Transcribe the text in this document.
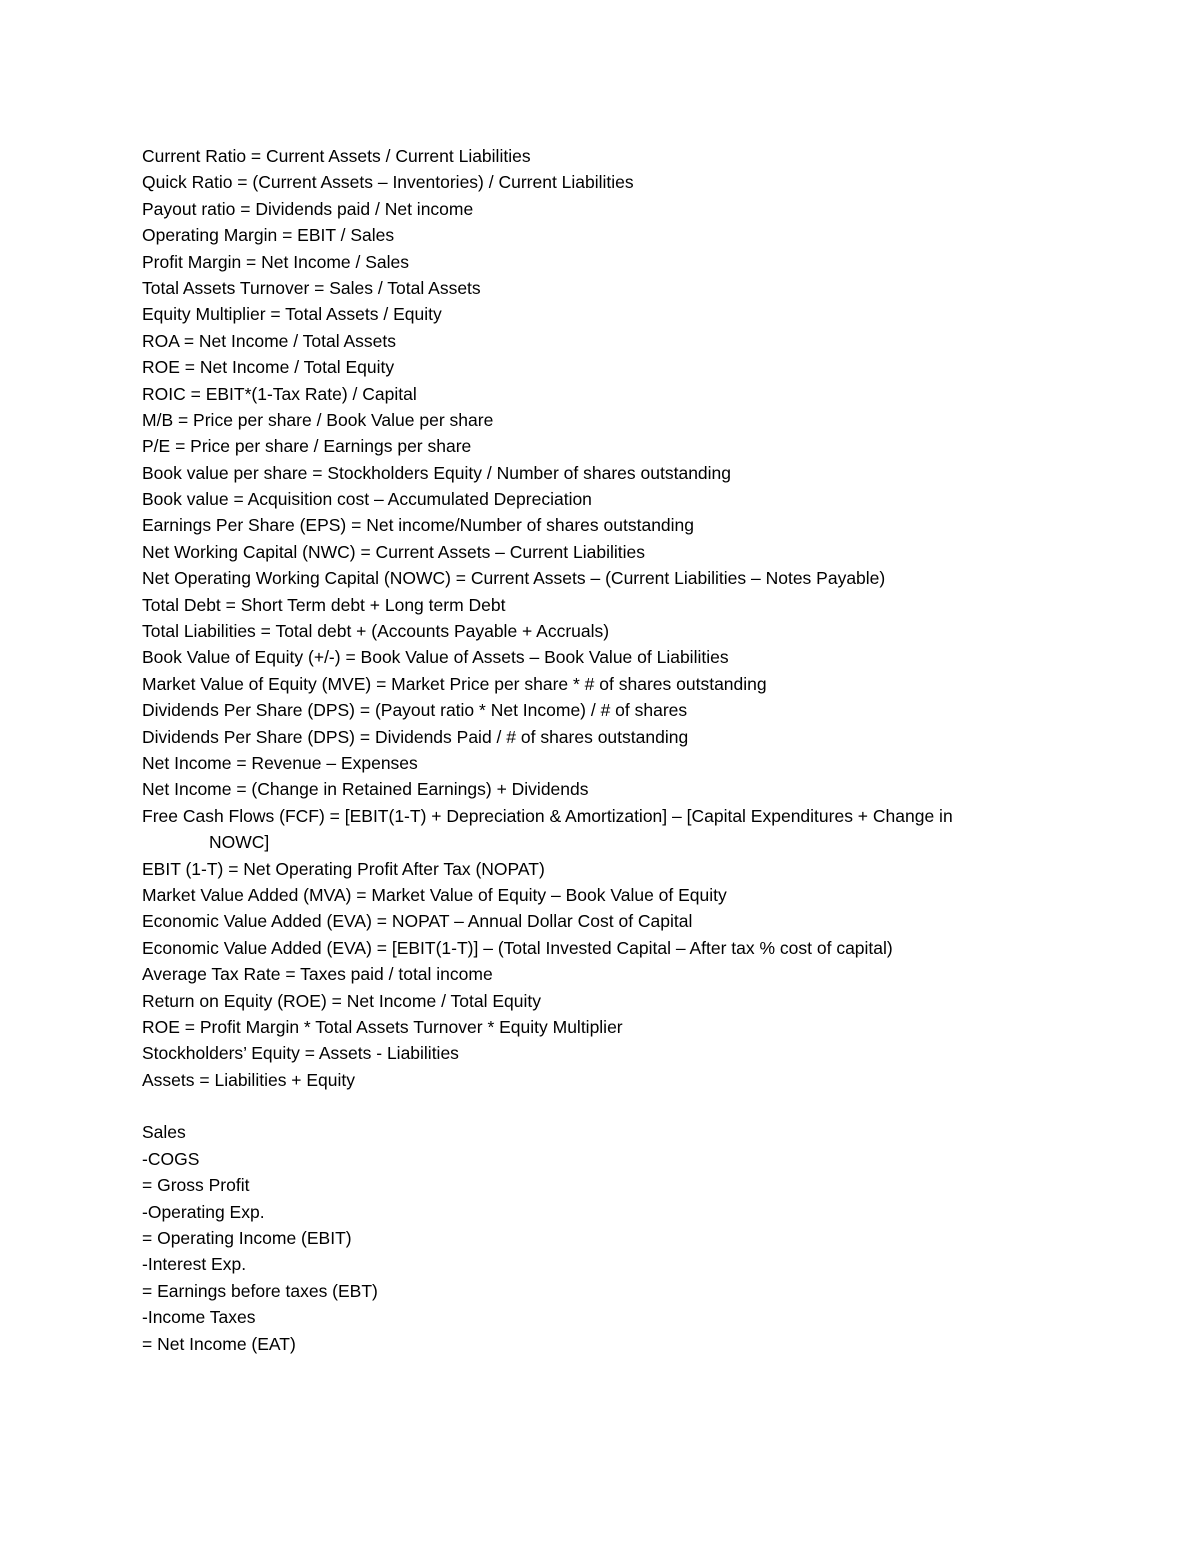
Current Ratio = Current Assets / Current Liabilities
Quick Ratio = (Current Assets – Inventories) / Current Liabilities
Payout ratio = Dividends paid / Net income
Operating Margin = EBIT / Sales
Profit Margin = Net Income / Sales
Total Assets Turnover = Sales / Total Assets
Equity Multiplier = Total Assets / Equity
ROA = Net Income / Total Assets
ROE = Net Income / Total Equity
ROIC = EBIT*(1-Tax Rate) / Capital
M/B = Price per share / Book Value per share
P/E = Price per share / Earnings per share
Book value per share = Stockholders Equity / Number of shares outstanding
Book value = Acquisition cost – Accumulated Depreciation
Earnings Per Share (EPS) = Net income/Number of shares outstanding
Net Working Capital (NWC) = Current Assets – Current Liabilities
Net Operating Working Capital (NOWC) = Current Assets – (Current Liabilities – Notes Payable)
Total Debt = Short Term debt + Long term Debt
Total Liabilities = Total debt + (Accounts Payable + Accruals)
Book Value of Equity (+/-) = Book Value of Assets – Book Value of Liabilities
Market Value of Equity (MVE) = Market Price per share * # of shares outstanding
Dividends Per Share (DPS) = (Payout ratio * Net Income) / # of shares
Dividends Per Share (DPS) = Dividends Paid / # of shares outstanding
Net Income = Revenue – Expenses
Net Income = (Change in Retained Earnings) + Dividends
Free Cash Flows (FCF) = [EBIT(1-T) + Depreciation & Amortization] – [Capital Expenditures + Change in
NOWC]
EBIT (1-T) = Net Operating Profit After Tax (NOPAT)
Market Value Added (MVA) = Market Value of Equity – Book Value of Equity
Economic Value Added (EVA) = NOPAT – Annual Dollar Cost of Capital
Economic Value Added (EVA) = [EBIT(1-T)] – (Total Invested Capital – After tax % cost of capital)
Average Tax Rate = Taxes paid / total income
Return on Equity (ROE) = Net Income / Total Equity
ROE = Profit Margin * Total Assets Turnover * Equity Multiplier
Stockholders’ Equity = Assets - Liabilities
Assets = Liabilities + Equity
Sales
-COGS
= Gross Profit
-Operating Exp.
= Operating Income (EBIT)
-Interest Exp.
= Earnings before taxes (EBT)
-Income Taxes
= Net Income (EAT)
